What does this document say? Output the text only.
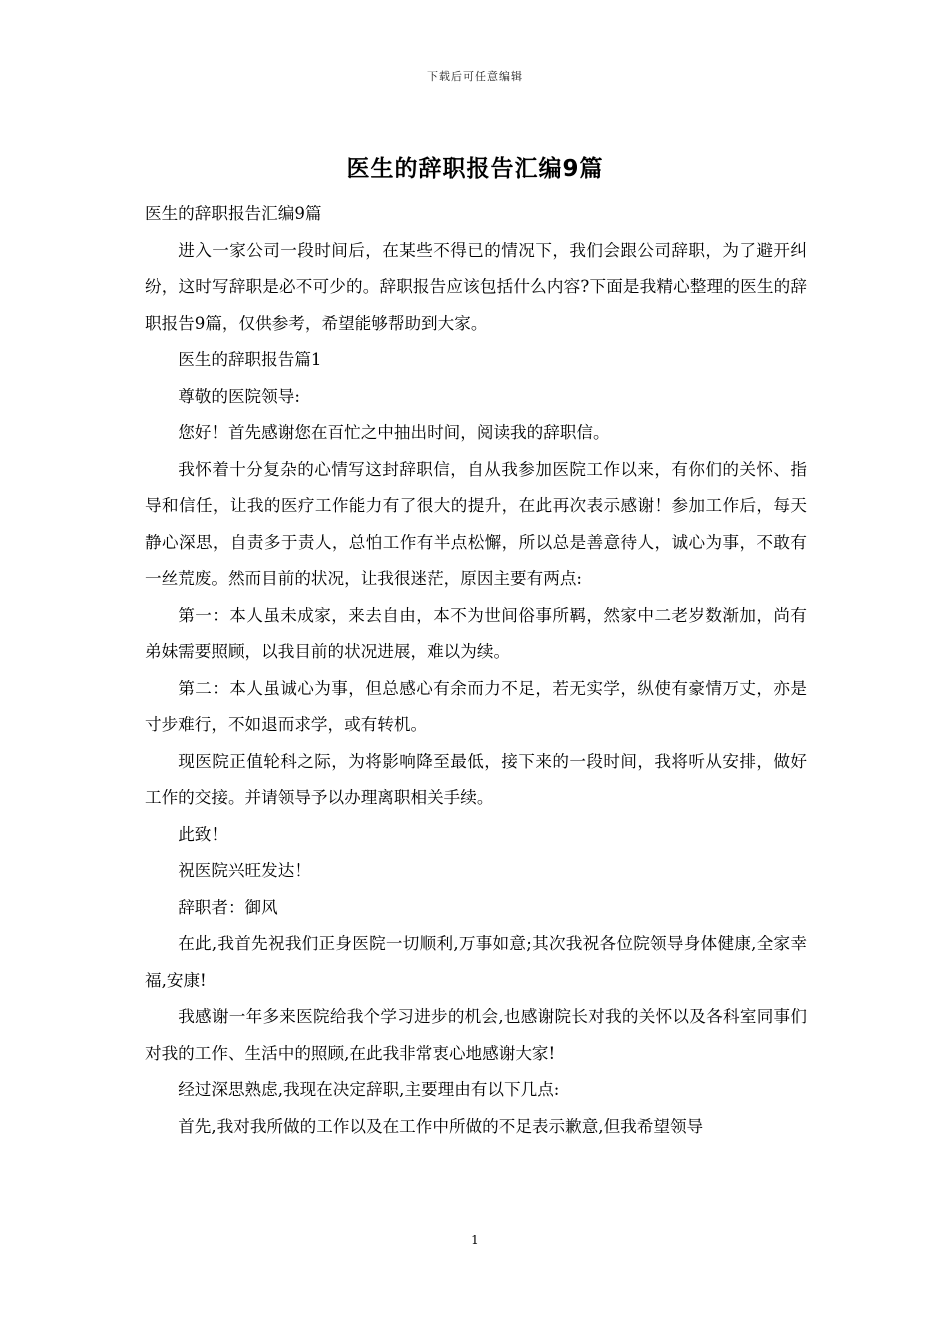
下载后可任意编辑
医生的辞职报告汇编9篇

医生的辞职报告汇编9篇

进入一家公司一段时间后，在某些不得已的情况下，我们会跟公司辞职，为了避开纠纷，这时写辞职是必不可少的。辞职报告应该包括什么内容?下面是我精心整理的医生的辞职报告9篇，仅供参考，希望能够帮助到大家。

医生的辞职报告篇1

尊敬的医院领导:

您好！首先感谢您在百忙之中抽出时间，阅读我的辞职信。

我怀着十分复杂的心情写这封辞职信，自从我参加医院工作以来，有你们的关怀、指导和信任，让我的医疗工作能力有了很大的提升，在此再次表示感谢！参加工作后，每天静心深思，自责多于责人，总怕工作有半点松懈，所以总是善意待人，诚心为事，不敢有一丝荒废。然而目前的状况，让我很迷茫，原因主要有两点:

第一：本人虽未成家，来去自由，本不为世间俗事所羁，然家中二老岁数渐加，尚有弟妹需要照顾，以我目前的状况进展，难以为续。

第二：本人虽诚心为事，但总感心有余而力不足，若无实学，纵使有豪情万丈，亦是寸步难行，不如退而求学，或有转机。

现医院正值轮科之际，为将影响降至最低，接下来的一段时间，我将听从安排，做好工作的交接。并请领导予以办理离职相关手续。

此致！

祝医院兴旺发达！

辞职者：御风

在此,我首先祝我们正身医院一切顺利,万事如意;其次我祝各位院领导身体健康,全家幸福,安康!

我感谢一年多来医院给我个学习进步的机会,也感谢院长对我的关怀以及各科室同事们对我的工作、生活中的照顾,在此我非常衷心地感谢大家!

经过深思熟虑,我现在决定辞职,主要理由有以下几点:

首先,我对我所做的工作以及在工作中所做的不足表示歉意,但我希望领导

1
